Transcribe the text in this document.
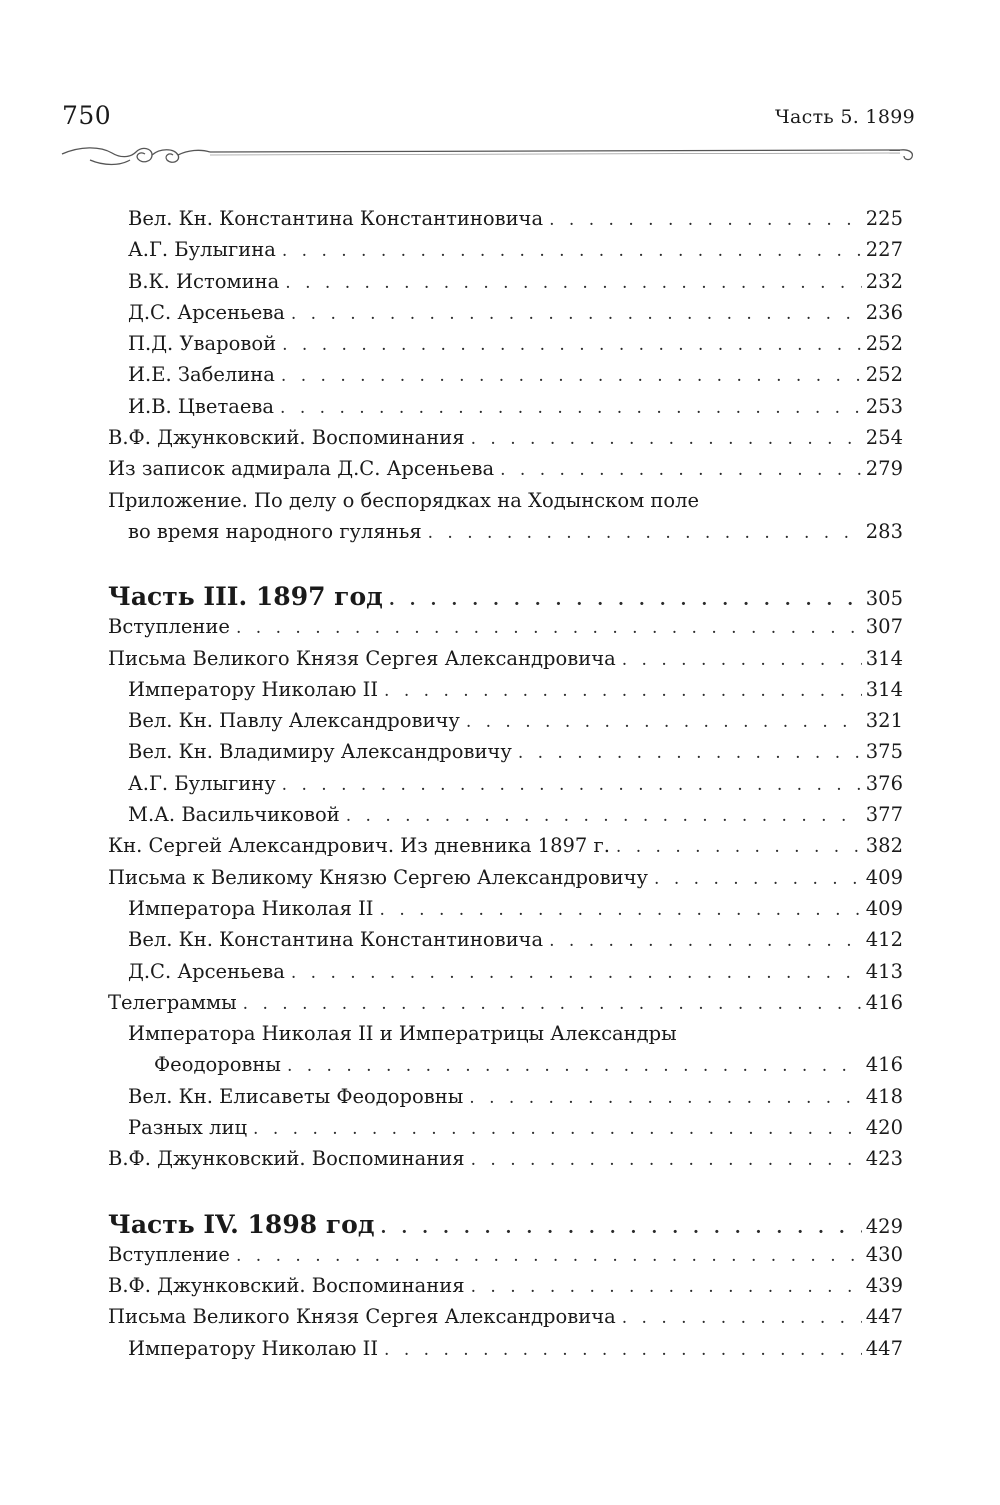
750	Часть 5. 1899
Вел. Кн. Константина Константиновича . . .	225
А.Г. Булыгина . . .	227
В.К. Истомина . . .	232
Д.С. Арсеньева . . .	236
П.Д. Уваровой . . .	252
И.Е. Забелина . . .	252
И.В. Цветаева . . .	253
В.Ф. Джунковский. Воспоминания . . .	254
Из записок адмирала Д.С. Арсеньева . . .	279
Приложение. По делу о беспорядках на Ходынском поле
во время народного гулянья . . .	283
Часть III. 1897 год . . .	305
Вступление . . .	307
Письма Великого Князя Сергея Александровича . . .	314
Императору Николаю II . . .	314
Вел. Кн. Павлу Александровичу . . .	321
Вел. Кн. Владимиру Александровичу . . .	375
А.Г. Булыгину . . .	376
М.А. Васильчиковой . . .	377
Кн. Сергей Александрович. Из дневника 1897 г. . . .	382
Письма к Великому Князю Сергею Александровичу . . .	409
Императора Николая II . . .	409
Вел. Кн. Константина Константиновича . . .	412
Д.С. Арсеньева . . .	413
Телеграммы . . .	416
Императора Николая II и Императрицы Александры
Феодоровны . . .	416
Вел. Кн. Елисаветы Феодоровны . . .	418
Разных лиц . . .	420
В.Ф. Джунковский. Воспоминания . . .	423
Часть IV. 1898 год . . .	429
Вступление . . .	430
В.Ф. Джунковский. Воспоминания . . .	439
Письма Великого Князя Сергея Александровича . . .	447
Императору Николаю II . . .	447
